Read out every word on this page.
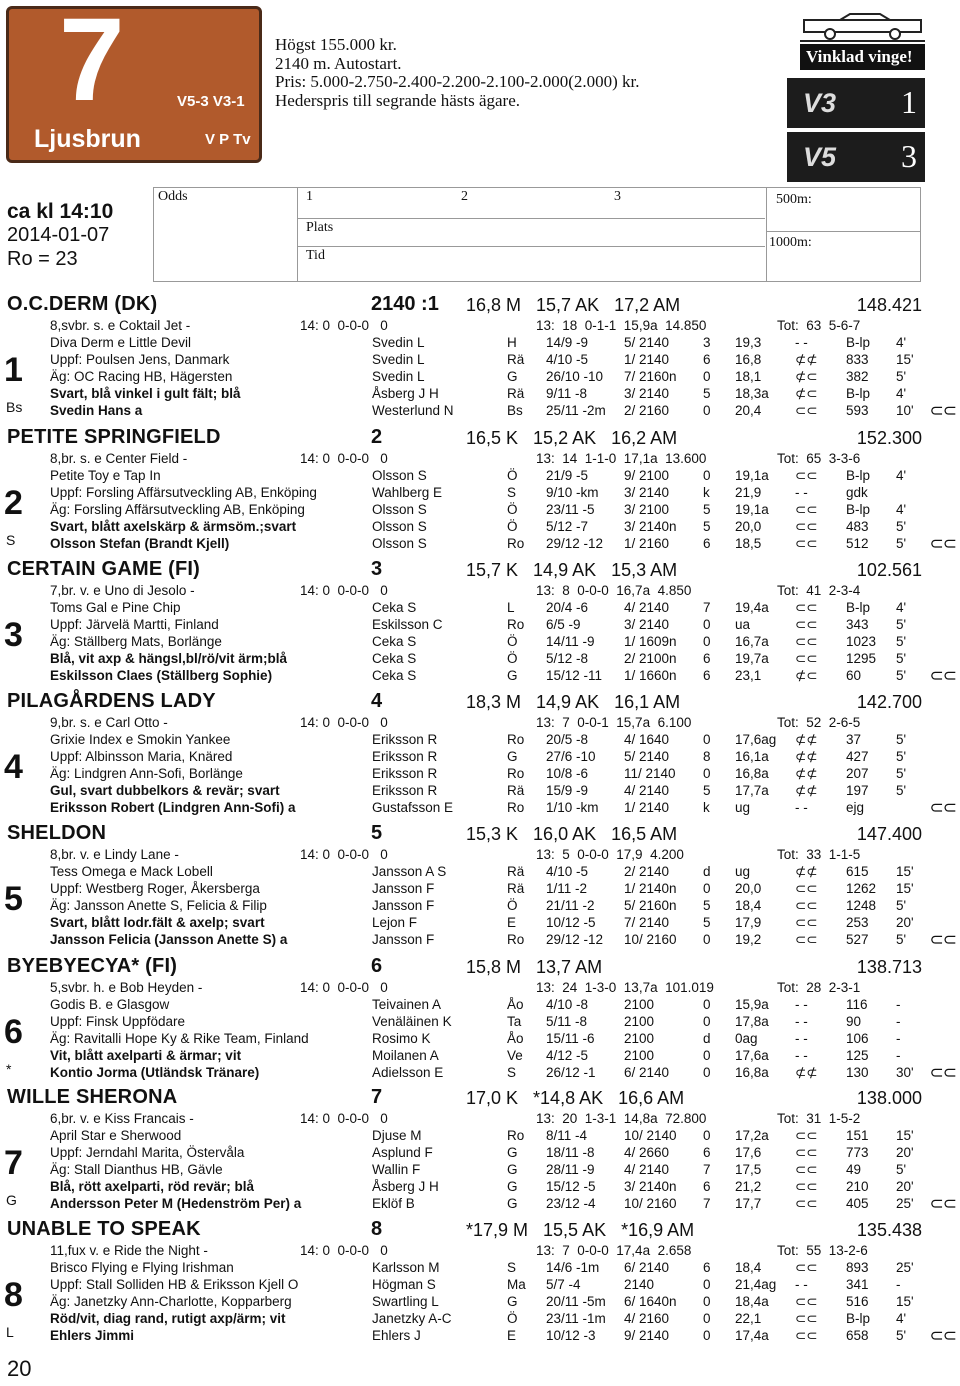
7	V5-3 V3-1
Ljusbrun	V P Tv
Högst 155.000 kr.
2140 m. Autostart.
Pris: 5.000-2.750-2.400-2.200-2.100-2.000(2.000) kr.
Hederspris till segrande hästs ägare.
Vinklad vinge!
V3 1
V5 3
ca kl 14:10
2014-01-07
Ro = 23
Odds	1	2	3
Plats
Tid
500m:
1000m:
O.C.DERM (DK)	2140 :1 16,8 M   15,7 AK   17,2 AM	148.421
1
Bs
8,svbr. s. e Coktail Jet -	14: 0  0-0-0   0	13:  18  0-1-1  15,9a  14.850	Tot:  63  5-6-7
Diva Derm e Little Devil	Svedin L	H 14/9 -9	5/ 2140	3 19,3 - -	B-lp 4'
Uppf: Poulsen Jens, Danmark	Svedin L	Rä 4/10 -5	1/ 2140	6 16,8 ⊄⊄ 833 15'
Äg: OC Racing HB, Hägersten	Svedin L	G 26/10 -10 7/ 2160n 0 18,1 ⊄⊂ 382 5'
Svart, blå vinkel i gult fält; blå	Åsberg J H	Rä 9/11 -8	3/ 2140	5 18,3a ⊄⊂ B-lp 4'
Svedin Hans a	Westerlund N	Bs 25/11 -2m 2/ 2160	0 20,4 ⊂⊂ 593 10' ⊂⊂
PETITE SPRINGFIELD	2	16,5 K   15,2 AK   16,2 AM	152.300
2
S
8,br. s. e Center Field -	14: 0  0-0-0   0	13:  14  1-1-0  17,1a  13.600	Tot:  65  3-3-6
Petite Toy e Tap In	Olsson S	Ö 21/9 -5	9/ 2100	0 19,1a ⊂⊂ B-lp 4'
Uppf: Forsling Affärsutveckling AB, Enköping	Wahlberg E	S 9/10 -km 3/ 2140	k 21,9 - -	gdk
Äg: Forsling Affärsutveckling AB, Enköping	Olsson S	Ö 23/11 -5 3/ 2100	5 19,1a ⊂⊂ B-lp 4'
Svart, blått axelskärp & ärmsöm.;svart	Olsson S	Ö 5/12 -7	3/ 2140n 5 20,0 ⊂⊂ 483 5'
Olsson Stefan (Brandt Kjell)	Olsson S	Ro 29/12 -12 1/ 2160	6 18,5 ⊂⊂ 512 5' ⊂⊂
CERTAIN GAME (FI)	3	15,7 K   14,9 AK   15,3 AM	102.561
3
7,br. v. e Uno di Jesolo -	14: 0  0-0-0   0	13:  8  0-0-0  16,7a  4.850	Tot:  41  2-3-4
Toms Gal e Pine Chip	Ceka S	L 20/4 -6	4/ 2140	7 19,4a ⊂⊂ B-lp 4'
Uppf: Järvelä Martti, Finland	Eskilsson C	Ro 6/5 -9	3/ 2140	0 ua	⊂⊂ 343 5'
Äg: Ställberg Mats, Borlänge	Ceka S	Ö 14/11 -9 1/ 1609n 0 16,7a ⊂⊂ 1023 5'
Blå, vit axp & hängsl,bl/rö/vit ärm;blå	Ceka S	Ö 5/12 -8	2/ 2100n 6 19,7a ⊂⊂ 1295 5'
Eskilsson Claes (Ställberg Sophie)	Ceka S	G 15/12 -11 1/ 1660n 6 23,1 ⊄⊂ 60	5' ⊂⊂
PILAGÅRDENS LADY	4	18,3 M   14,9 AK   16,1 AM	142.700
4
9,br. s. e Carl Otto -	14: 0  0-0-0   0	13:  7  0-0-1  15,7a  6.100	Tot:  52  2-6-5
Grixie Index e Smokin Yankee	Eriksson R	Ro 20/5 -8	4/ 1640	0 17,6ag ⊄⊄ 37	5'
Uppf: Albinsson Maria, Knäred	Eriksson R	G 27/6 -10 5/ 2140	8 16,1a ⊄⊄ 427 5'
Äg: Lindgren Ann-Sofi, Borlänge	Eriksson R	Ro 10/8 -6	11/ 2140 0 16,8a ⊄⊄ 207 5'
Gul, svart dubbelkors & revär; svart	Eriksson R	Rä 15/9 -9	4/ 2140	5 17,7a ⊄⊄ 197 5'
Eriksson Robert (Lindgren Ann-Sofi) a	Gustafsson E	Ro 1/10 -km 1/ 2140	k ug	- -	ejg	⊂⊂
SHELDON	5	15,3 K   16,0 AK   16,5 AM	147.400
5
8,br. v. e Lindy Lane -	14: 0  0-0-0   0	13:  5  0-0-0  17,9  4.200	Tot:  33  1-1-5
Tess Omega e Mack Lobell	Jansson A S	Rä 4/10 -5	2/ 2140	d ug	⊄⊄ 615 15'
Uppf: Westberg Roger, Åkersberga	Jansson F	Rä 1/11 -2	1/ 2140n 0 20,0 ⊂⊂ 1262 15'
Äg: Jansson Anette S, Felicia & Filip	Jansson F	Ö 21/11 -2 5/ 2160n 5 18,4 ⊂⊂ 1248 5'
Svart, blått lodr.fält & axelp; svart	Lejon F	E 10/12 -5 7/ 2140	5 17,9 ⊂⊂ 253 20'
Jansson Felicia (Jansson Anette S) a	Jansson F	Ro 29/12 -12 10/ 2160 0 19,2 ⊂⊂ 527 5' ⊂⊂
BYEBYECYA* (FI)	6	15,8 M   13,7 AM	138.713
6
*
5,svbr. h. e Bob Heyden -	14: 0  0-0-0   0	13:  24  1-3-0  13,7a  101.019	Tot:  28  2-3-1
Godis B. e Glasgow	Teivainen A	Åo 4/10 -8	2100	0 15,9a - -	116 -
Uppf: Finsk Uppfödare	Venäläinen K	Ta 5/11 -8	2100	0 17,8a - -	90	-
Äg: Ravitalli Hope Ky & Rike Team, Finland	Rosimo K	Åo 15/11 -6 2100	d 0ag	- -	106 -
Vit, blått axelparti & ärmar; vit	Moilanen A	Ve 4/12 -5	2100	0 17,6a - -	125 -
Kontio Jorma (Utländsk Tränare)	Adielsson E	S 26/12 -1 6/ 2140	0 16,8a ⊄⊄ 130 30' ⊂⊂
WILLE SHERONA	7	17,0 K   *14,8 AK   16,6 AM	138.000
7
G
6,br. v. e Kiss Francais -	14: 0  0-0-0   0	13:  20  1-3-1  14,8a  72.800	Tot:  31  1-5-2
April Star e Sherwood	Djuse M	Ro 8/11 -4	10/ 2140 0 17,2a ⊂⊂ 151 15'
Uppf: Jerndahl Marita, Östervåla	Asplund F	G 18/11 -8 4/ 2660	6 17,6 ⊂⊂ 773 20'
Äg: Stall Dianthus HB, Gävle	Wallin F	G 28/11 -9 4/ 2140	7 17,5 ⊂⊂ 49	5'
Blå, rött axelparti, röd revär; blå	Åsberg J H	G 15/12 -5 3/ 2140n 6 21,2 ⊂⊂ 210 20'
Andersson Peter M (Hedenström Per) a	Eklöf B	G 23/12 -4 10/ 2160 7 17,7 ⊂⊂ 405 25' ⊂⊂
UNABLE TO SPEAK	8	*17,9 M   15,5 AK   *16,9 AM	135.438
8
L
11,fux v. e Ride the Night -	14: 0  0-0-0   0	13:  7  0-0-0  17,4a  2.658	Tot:  55  13-2-6
Brisco Flying e Flying Irishman	Karlsson M	S 14/6 -1m 6/ 2140	6 18,4 ⊂⊂ 893 25'
Uppf: Stall Solliden HB & Eriksson Kjell O	Högman S	Ma 5/7 -4	2140	0 21,4ag - -	341 -
Äg: Janetzky Ann-Charlotte, Kopparberg	Swartling L	G 20/11 -5m 6/ 1640n 0 18,4a ⊂⊂ 516 15'
Röd/vit, diag rand, rutigt axp/ärm; vit	Janetzky A-C	Ö 23/11 -1m 4/ 2160	0 22,1 ⊂⊂ B-lp 4'
Ehlers Jimmi	Ehlers J	E 10/12 -3 9/ 2140	0 17,4a ⊂⊂ 658 5' ⊂⊂
20
